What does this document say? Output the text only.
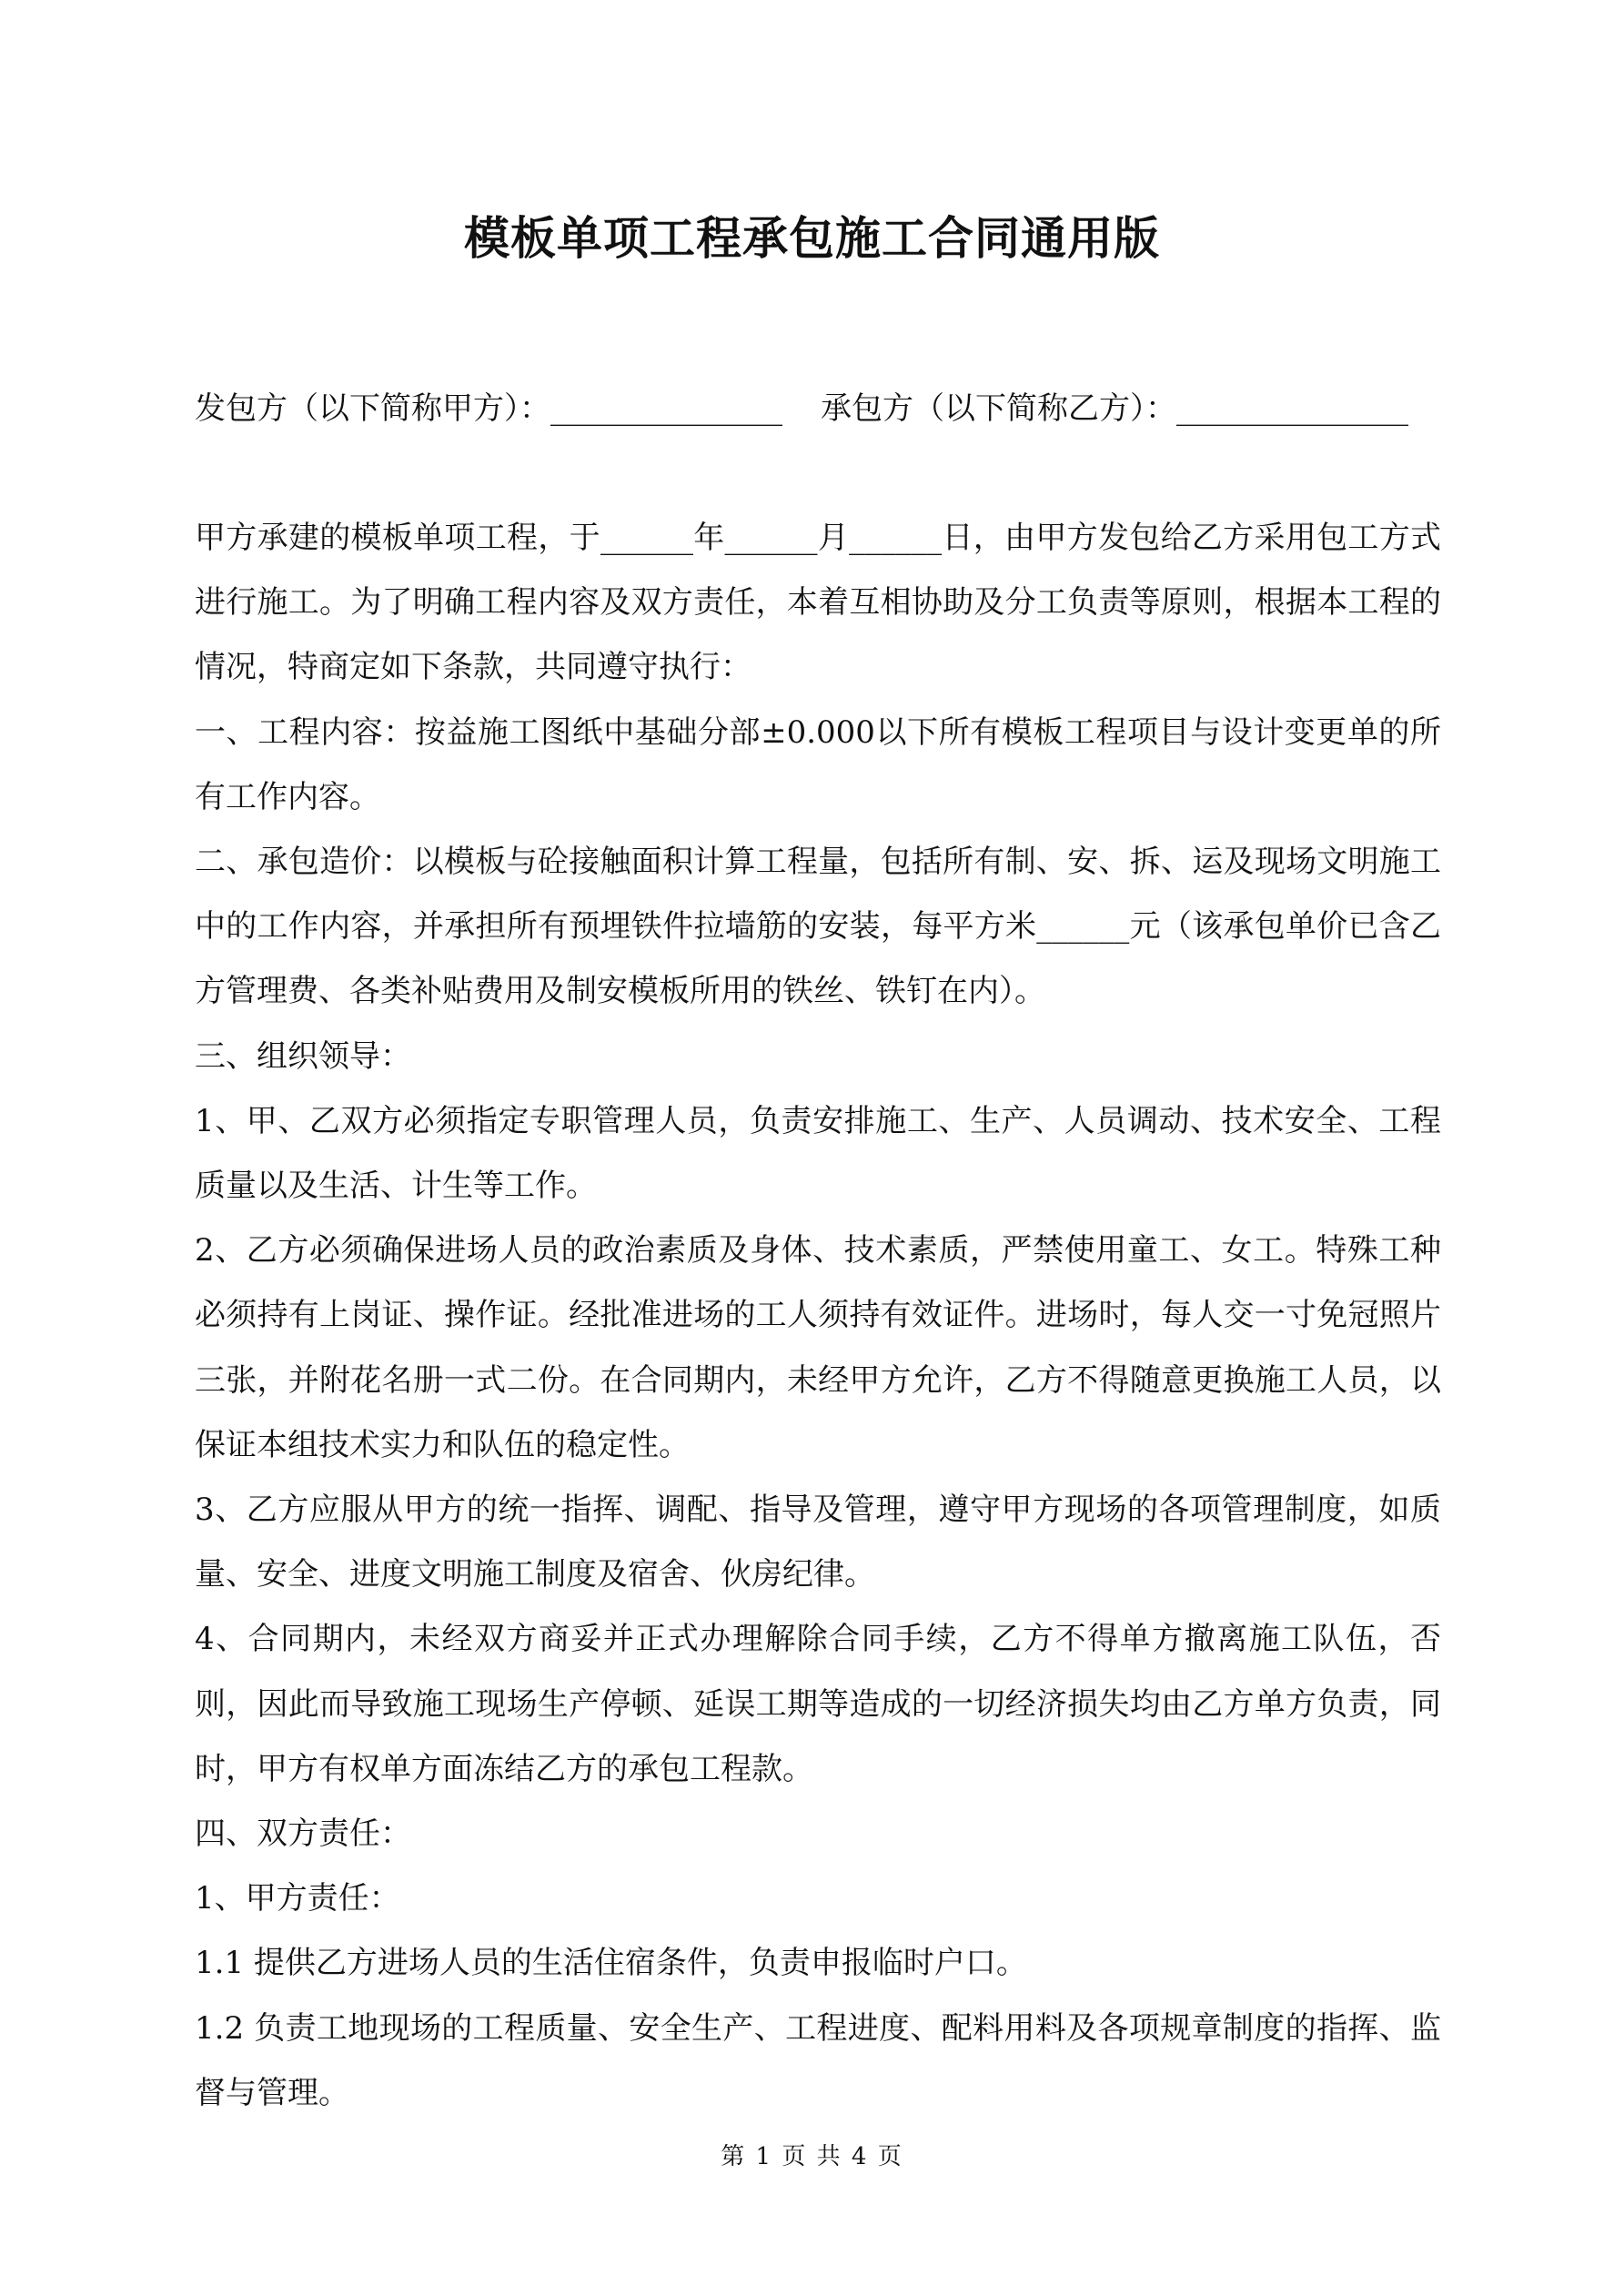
模板单项工程承包施工合同通用版
发包方（以下简称甲方）：_______________ 承包方（以下简称乙方）：_______________

甲方承建的模板单项工程，于______年______月______日，由甲方发包给乙方采用包工方式进行施工。为了明确工程内容及双方责任，本着互相协助及分工负责等原则，根据本工程的情况，特商定如下条款，共同遵守执行：

一、工程内容：按益施工图纸中基础分部±0.000以下所有模板工程项目与设计变更单的所有工作内容。

二、承包造价：以模板与砼接触面积计算工程量，包括所有制、安、拆、运及现场文明施工中的工作内容，并承担所有预埋铁件拉墙筋的安装，每平方米______元（该承包单价已含乙方管理费、各类补贴费用及制安模板所用的铁丝、铁钉在内）。

三、组织领导：

1、甲、乙双方必须指定专职管理人员，负责安排施工、生产、人员调动、技术安全、工程质量以及生活、计生等工作。

2、乙方必须确保进场人员的政治素质及身体、技术素质，严禁使用童工、女工。特殊工种必须持有上岗证、操作证。经批准进场的工人须持有效证件。进场时，每人交一寸免冠照片三张，并附花名册一式二份。在合同期内，未经甲方允许，乙方不得随意更换施工人员，以保证本组技术实力和队伍的稳定性。

3、乙方应服从甲方的统一指挥、调配、指导及管理，遵守甲方现场的各项管理制度，如质量、安全、进度文明施工制度及宿舍、伙房纪律。

4、合同期内，未经双方商妥并正式办理解除合同手续，乙方不得单方撤离施工队伍，否则，因此而导致施工现场生产停顿、延误工期等造成的一切经济损失均由乙方单方负责，同时，甲方有权单方面冻结乙方的承包工程款。

四、双方责任：

1、甲方责任：

1.1 提供乙方进场人员的生活住宿条件，负责申报临时户口。

1.2 负责工地现场的工程质量、安全生产、工程进度、配料用料及各项规章制度的指挥、监督与管理。

第 1 页 共 4 页
